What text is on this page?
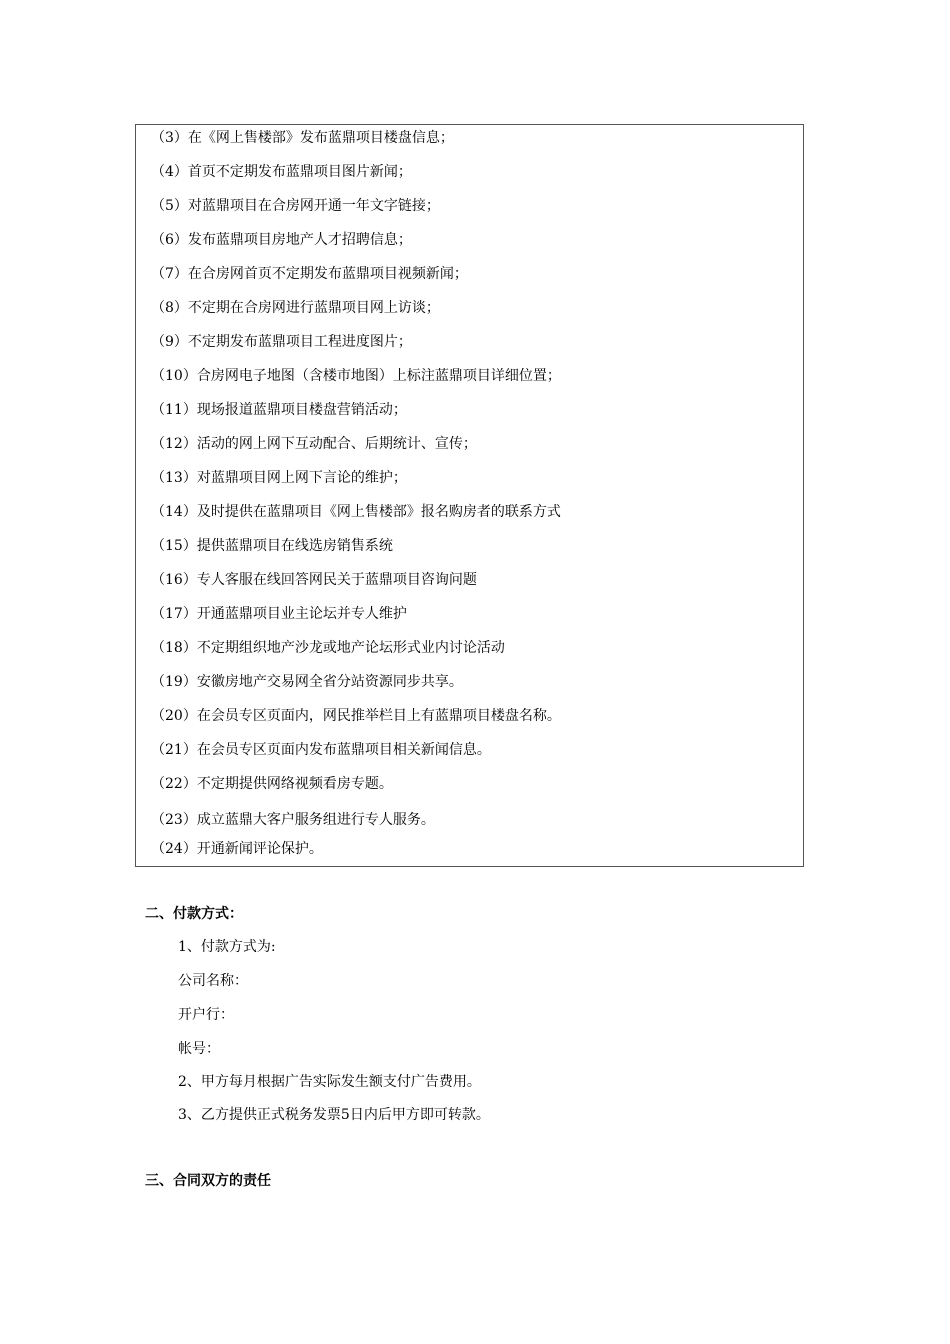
（3）在《网上售楼部》发布蓝鼎项目楼盘信息；
（4）首页不定期发布蓝鼎项目图片新闻；
（5）对蓝鼎项目在合房网开通一年文字链接；
（6）发布蓝鼎项目房地产人才招聘信息；
（7）在合房网首页不定期发布蓝鼎项目视频新闻；
（8）不定期在合房网进行蓝鼎项目网上访谈；
（9）不定期发布蓝鼎项目工程进度图片；
（10）合房网电子地图（含楼市地图）上标注蓝鼎项目详细位置；
（11）现场报道蓝鼎项目楼盘营销活动；
（12）活动的网上网下互动配合、后期统计、宣传；
（13）对蓝鼎项目网上网下言论的维护；
（14）及时提供在蓝鼎项目《网上售楼部》报名购房者的联系方式
（15）提供蓝鼎项目在线选房销售系统
（16）专人客服在线回答网民关于蓝鼎项目咨询问题
（17）开通蓝鼎项目业主论坛并专人维护
（18）不定期组织地产沙龙或地产论坛形式业内讨论活动
（19）安徽房地产交易网全省分站资源同步共享。
（20）在会员专区页面内，网民推举栏目上有蓝鼎项目楼盘名称。
（21）在会员专区页面内发布蓝鼎项目相关新闻信息。
（22）不定期提供网络视频看房专题。
（23）成立蓝鼎大客户服务组进行专人服务。
（24）开通新闻评论保护。
二、付款方式：
1、付款方式为:
公司名称：
开户行：
帐号：
2、甲方每月根据广告实际发生额支付广告费用。
3、乙方提供正式税务发票5日内后甲方即可转款。
三、合同双方的责任
